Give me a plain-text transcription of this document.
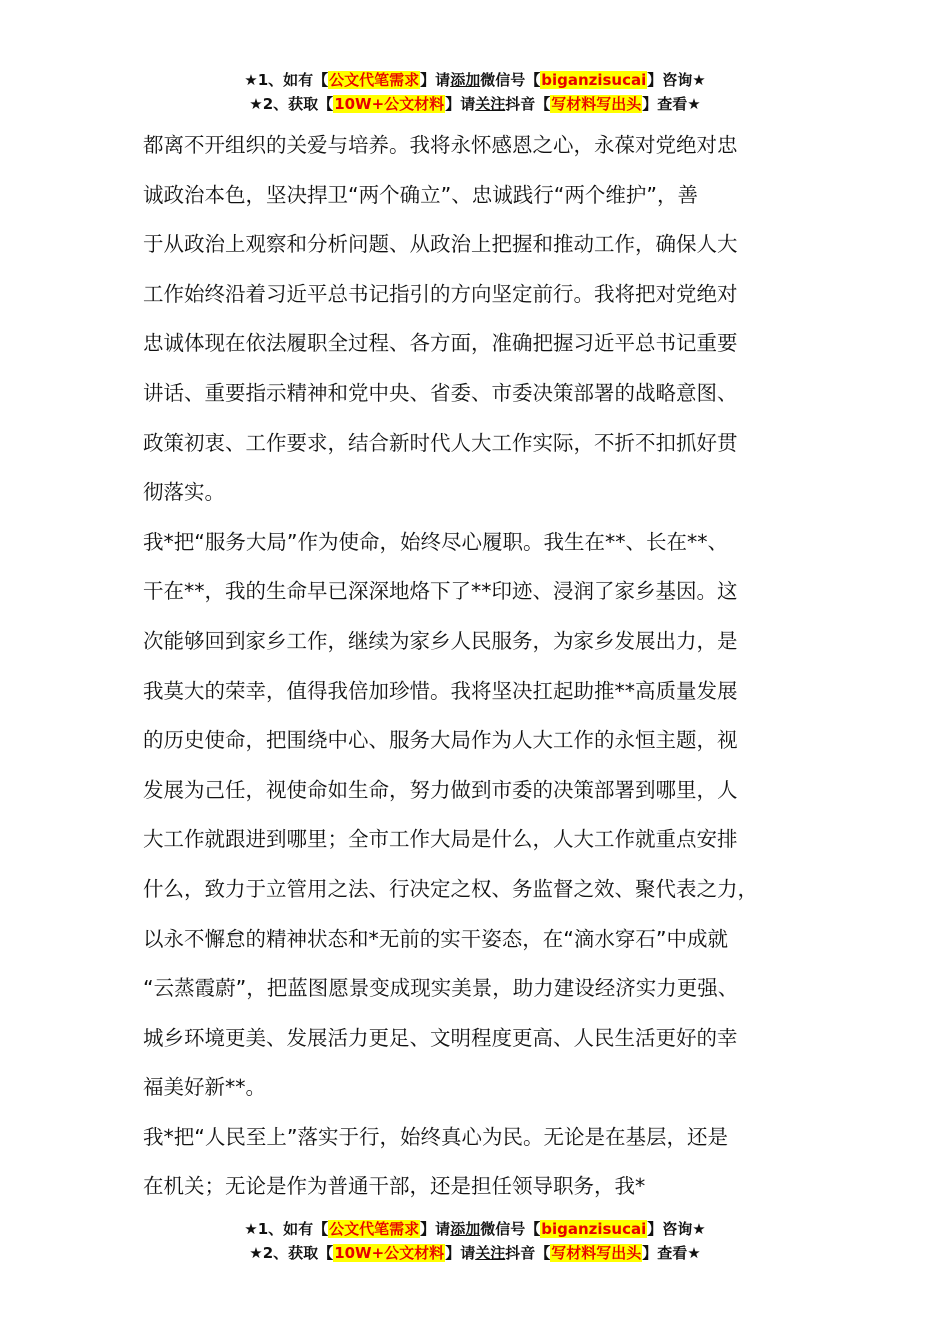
★1、如有【公文代笔需求】请添加微信号【biganzisucai】咨询★
★2、获取【10W+公文材料】请关注抖音【写材料写出头】查看★
都离不开组织的关爱与培养。我将永怀感恩之心，永葆对党绝对忠
诚政治本色，坚决捍卫“两个确立”、忠诚践行“两个维护”，善
于从政治上观察和分析问题、从政治上把握和推动工作，确保人大
工作始终沿着习近平总书记指引的方向坚定前行。我将把对党绝对
忠诚体现在依法履职全过程、各方面，准确把握习近平总书记重要
讲话、重要指示精神和党中央、省委、市委决策部署的战略意图、
政策初衷、工作要求，结合新时代人大工作实际，不折不扣抓好贯
彻落实。
我*把“服务大局”作为使命，始终尽心履职。我生在**、长在**、
干在**，我的生命早已深深地烙下了**印迹、浸润了家乡基因。这
次能够回到家乡工作，继续为家乡人民服务，为家乡发展出力，是
我莫大的荣幸，值得我倍加珍惜。我将坚决扛起助推**高质量发展
的历史使命，把围绕中心、服务大局作为人大工作的永恒主题，视
发展为己任，视使命如生命，努力做到市委的决策部署到哪里，人
大工作就跟进到哪里；全市工作大局是什么，人大工作就重点安排
什么，致力于立管用之法、行决定之权、务监督之效、聚代表之力，
以永不懈怠的精神状态和*无前的实干姿态，在“滴水穿石”中成就
“云蒸霞蔚”，把蓝图愿景变成现实美景，助力建设经济实力更强、
城乡环境更美、发展活力更足、文明程度更高、人民生活更好的幸
福美好新**。
我*把“人民至上”落实于行，始终真心为民。无论是在基层，还是
在机关；无论是作为普通干部，还是担任领导职务，我*
★1、如有【公文代笔需求】请添加微信号【biganzisucai】咨询★
★2、获取【10W+公文材料】请关注抖音【写材料写出头】查看★
